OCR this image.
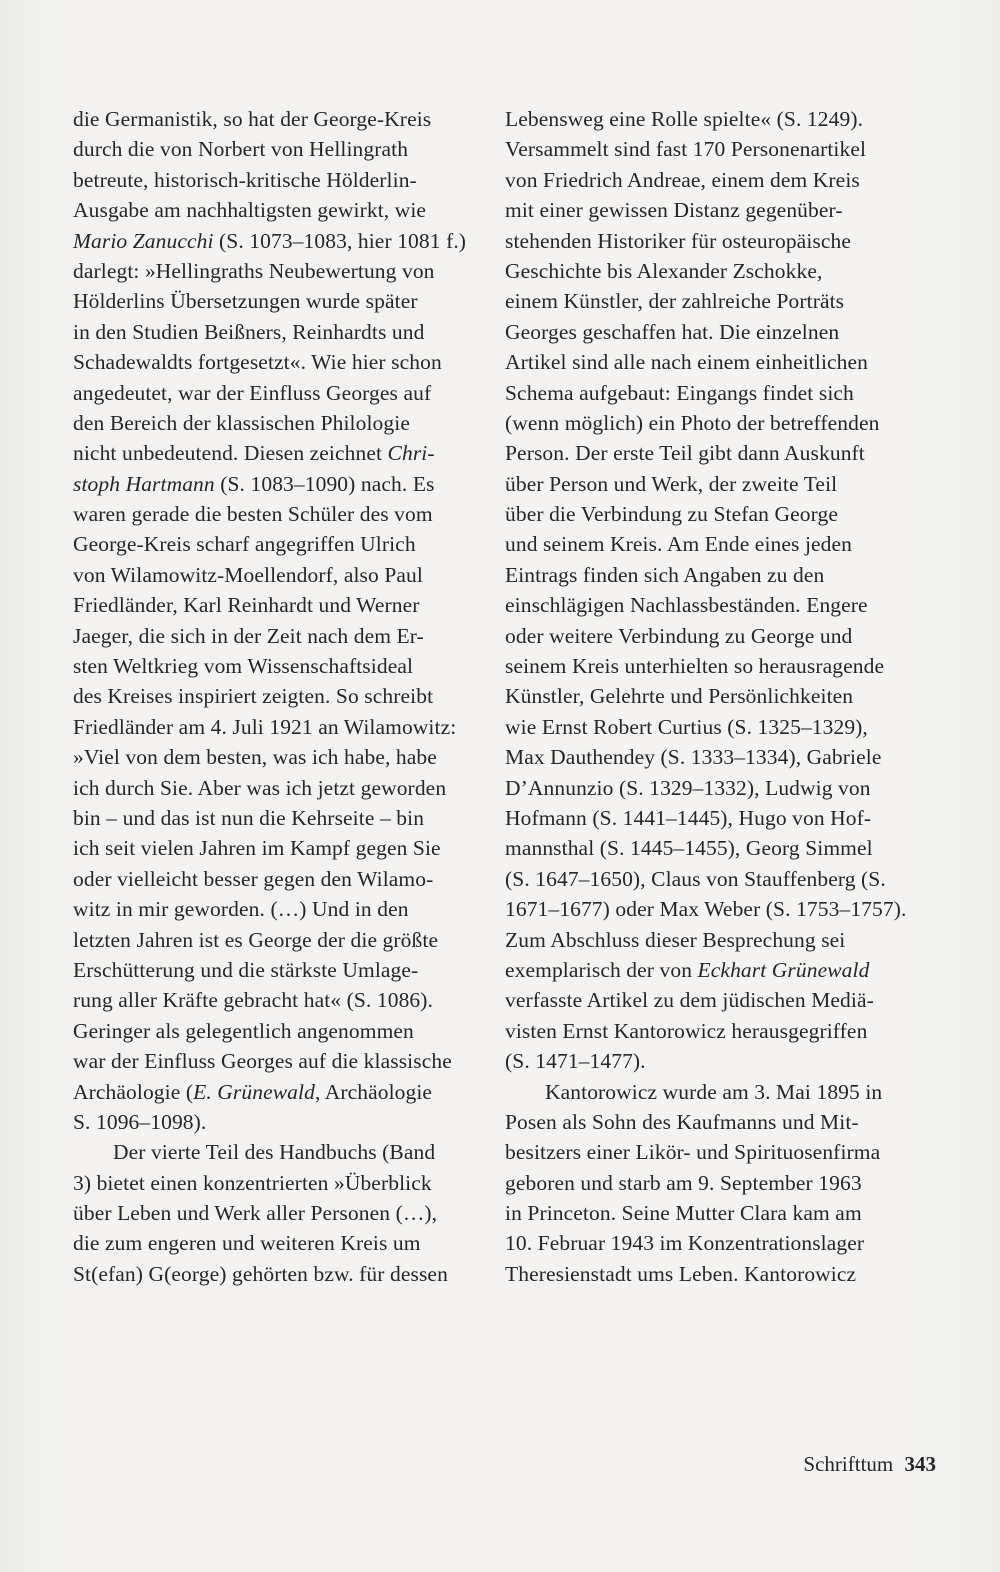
die Germanistik, so hat der George-Kreis
durch die von Norbert von Hellingrath
betreute, historisch-kritische Hölderlin-
Ausgabe am nachhaltigsten gewirkt, wie
Mario Zanucchi (S. 1073–1083, hier 1081 f.)
darlegt: »Hellingraths Neubewertung von
Hölderlins Übersetzungen wurde später
in den Studien Beißners, Reinhardts und
Schadewaldts fortgesetzt«. Wie hier schon
angedeutet, war der Einfluss Georges auf
den Bereich der klassischen Philologie
nicht unbedeutend. Diesen zeichnet Chri-
stoph Hartmann (S. 1083–1090) nach. Es
waren gerade die besten Schüler des vom
George-Kreis scharf angegriffen Ulrich
von Wilamowitz-Moellendorf, also Paul
Friedländer, Karl Reinhardt und Werner
Jaeger, die sich in der Zeit nach dem Er-
sten Weltkrieg vom Wissenschaftsideal
des Kreises inspiriert zeigten. So schreibt
Friedländer am 4. Juli 1921 an Wilamowitz:
»Viel von dem besten, was ich habe, habe
ich durch Sie. Aber was ich jetzt geworden
bin – und das ist nun die Kehrseite – bin
ich seit vielen Jahren im Kampf gegen Sie
oder vielleicht besser gegen den Wilamo-
witz in mir geworden. (…) Und in den
letzten Jahren ist es George der die größte
Erschütterung und die stärkste Umlage-
rung aller Kräfte gebracht hat« (S. 1086).
Geringer als gelegentlich angenommen
war der Einfluss Georges auf die klassische
Archäologie (E. Grünewald, Archäologie
S. 1096–1098).
Der vierte Teil des Handbuchs (Band
3) bietet einen konzentrierten »Überblick
über Leben und Werk aller Personen (…),
die zum engeren und weiteren Kreis um
St(efan) G(eorge) gehörten bzw. für dessen
Lebensweg eine Rolle spielte« (S. 1249).
Versammelt sind fast 170 Personenartikel
von Friedrich Andreae, einem dem Kreis
mit einer gewissen Distanz gegenüber-
stehenden Historiker für osteuropäische
Geschichte bis Alexander Zschokke,
einem Künstler, der zahlreiche Porträts
Georges geschaffen hat. Die einzelnen
Artikel sind alle nach einem einheitlichen
Schema aufgebaut: Eingangs findet sich
(wenn möglich) ein Photo der betreffenden
Person. Der erste Teil gibt dann Auskunft
über Person und Werk, der zweite Teil
über die Verbindung zu Stefan George
und seinem Kreis. Am Ende eines jeden
Eintrags finden sich Angaben zu den
einschlägigen Nachlassbeständen. Engere
oder weitere Verbindung zu George und
seinem Kreis unterhielten so herausragende
Künstler, Gelehrte und Persönlichkeiten
wie Ernst Robert Curtius (S. 1325–1329),
Max Dauthendey (S. 1333–1334), Gabriele
D’Annunzio (S. 1329–1332), Ludwig von
Hofmann (S. 1441–1445), Hugo von Hof-
mannsthal (S. 1445–1455), Georg Simmel
(S. 1647–1650), Claus von Stauffenberg (S.
1671–1677) oder Max Weber (S. 1753–1757).
Zum Abschluss dieser Besprechung sei
exemplarisch der von Eckhart Grünewald
verfasste Artikel zu dem jüdischen Mediä-
visten Ernst Kantorowicz herausgegriffen
(S. 1471–1477).
Kantorowicz wurde am 3. Mai 1895 in
Posen als Sohn des Kaufmanns und Mit-
besitzers einer Likör- und Spirituosenfirma
geboren und starb am 9. September 1963
in Princeton. Seine Mutter Clara kam am
10. Februar 1943 im Konzentrationslager
Theresienstadt ums Leben. Kantorowicz
Schrifttum 343
